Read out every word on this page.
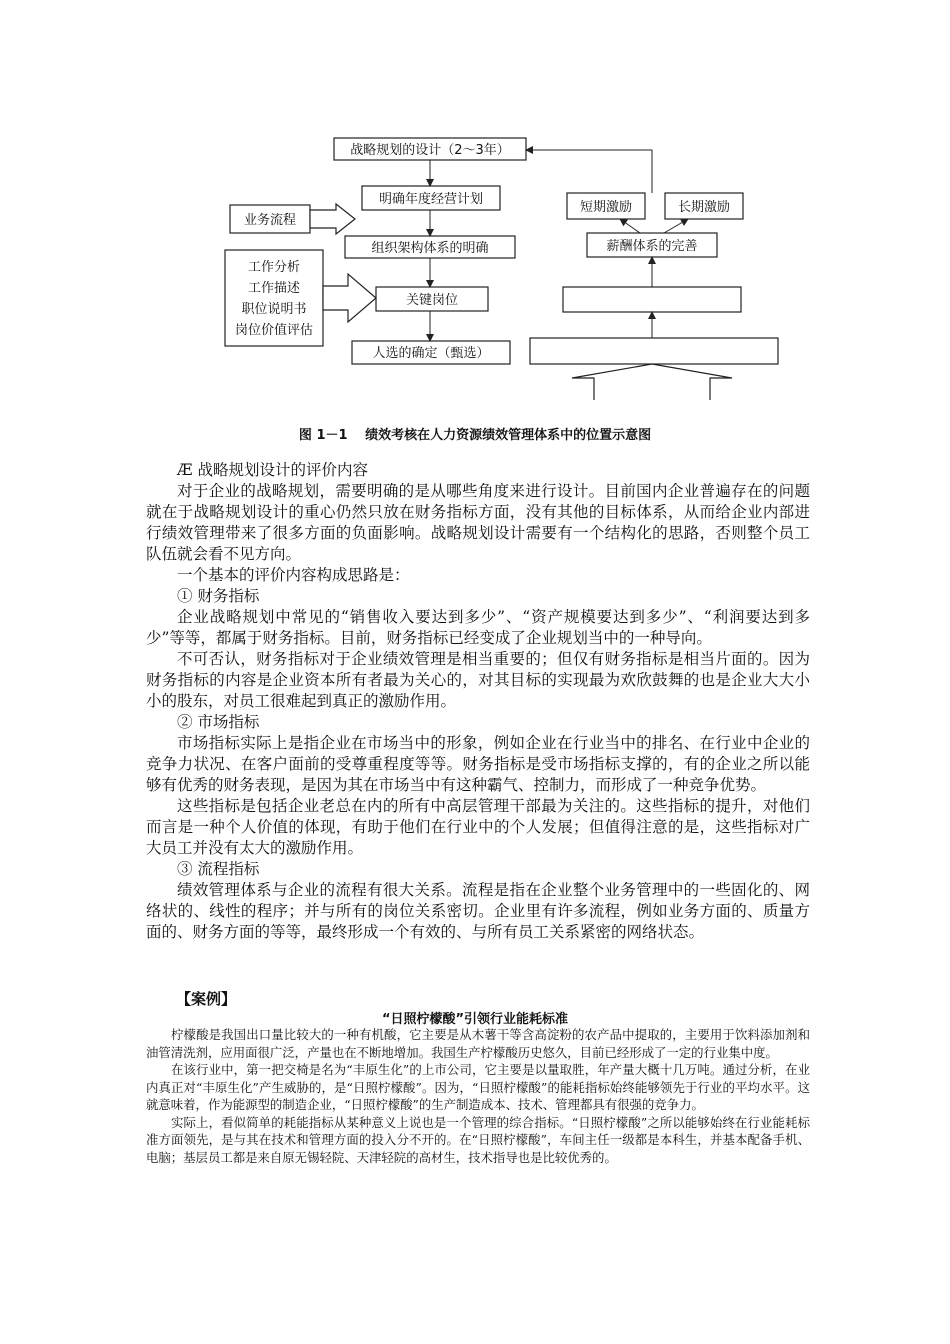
战略规划的设计（2～3年）
明确年度经营计划
组织架构体系的明确
关键岗位
人选的确定（甄选）
业务流程
工作分析
工作描述
职位说明书
岗位价值评估
短期激励	长期激励
薪酬体系的完善
图 1－1　 绩效考核在人力资源绩效管理体系中的位置示意图

Æ 战略规划设计的评价内容

对于企业的战略规划，需要明确的是从哪些角度来进行设计。目前国内企业普遍存在的问题就在于战略规划设计的重心仍然只放在财务指标方面，没有其他的目标体系，从而给企业内部进行绩效管理带来了很多方面的负面影响。战略规划设计需要有一个结构化的思路，否则整个员工队伍就会看不见方向。

一个基本的评价内容构成思路是：

① 财务指标

企业战略规划中常见的“销售收入要达到多少”、“资产规模要达到多少”、“利润要达到多少”等等，都属于财务指标。目前，财务指标已经变成了企业规划当中的一种导向。

不可否认，财务指标对于企业绩效管理是相当重要的；但仅有财务指标是相当片面的。因为财务指标的内容是企业资本所有者最为关心的，对其目标的实现最为欢欣鼓舞的也是企业大大小小的股东，对员工很难起到真正的激励作用。

② 市场指标

市场指标实际上是指企业在市场当中的形象，例如企业在行业当中的排名、在行业中企业的竞争力状况、在客户面前的受尊重程度等等。财务指标是受市场指标支撑的，有的企业之所以能够有优秀的财务表现，是因为其在市场当中有这种霸气、控制力，而形成了一种竞争优势。

这些指标是包括企业老总在内的所有中高层管理干部最为关注的。这些指标的提升，对他们而言是一种个人价值的体现，有助于他们在行业中的个人发展；但值得注意的是，这些指标对广大员工并没有太大的激励作用。

③ 流程指标

绩效管理体系与企业的流程有很大关系。流程是指在企业整个业务管理中的一些固化的、网络状的、线性的程序；并与所有的岗位关系密切。企业里有许多流程，例如业务方面的、质量方面的、财务方面的等等，最终形成一个有效的、与所有员工关系紧密的网络状态。

【案例】
“日照柠檬酸”引领行业能耗标准

柠檬酸是我国出口量比较大的一种有机酸，它主要是从木薯干等含高淀粉的农产品中提取的，主要用于饮料添加剂和油管清洗剂，应用面很广泛，产量也在不断地增加。我国生产柠檬酸历史悠久，目前已经形成了一定的行业集中度。

在该行业中，第一把交椅是名为“丰原生化”的上市公司，它主要是以量取胜，年产量大概十几万吨。通过分析，在业内真正对“丰原生化”产生威胁的，是“日照柠檬酸”。因为，“日照柠檬酸”的能耗指标始终能够领先于行业的平均水平。这就意味着，作为能源型的制造企业，“日照柠檬酸”的生产制造成本、技术、管理都具有很强的竞争力。

实际上，看似简单的耗能指标从某种意义上说也是一个管理的综合指标。“日照柠檬酸”之所以能够始终在行业能耗标准方面领先，是与其在技术和管理方面的投入分不开的。在“日照柠檬酸”，车间主任一级都是本科生，并基本配备手机、电脑；基层员工都是来自原无锡轻院、天津轻院的高材生，技术指导也是比较优秀的。
